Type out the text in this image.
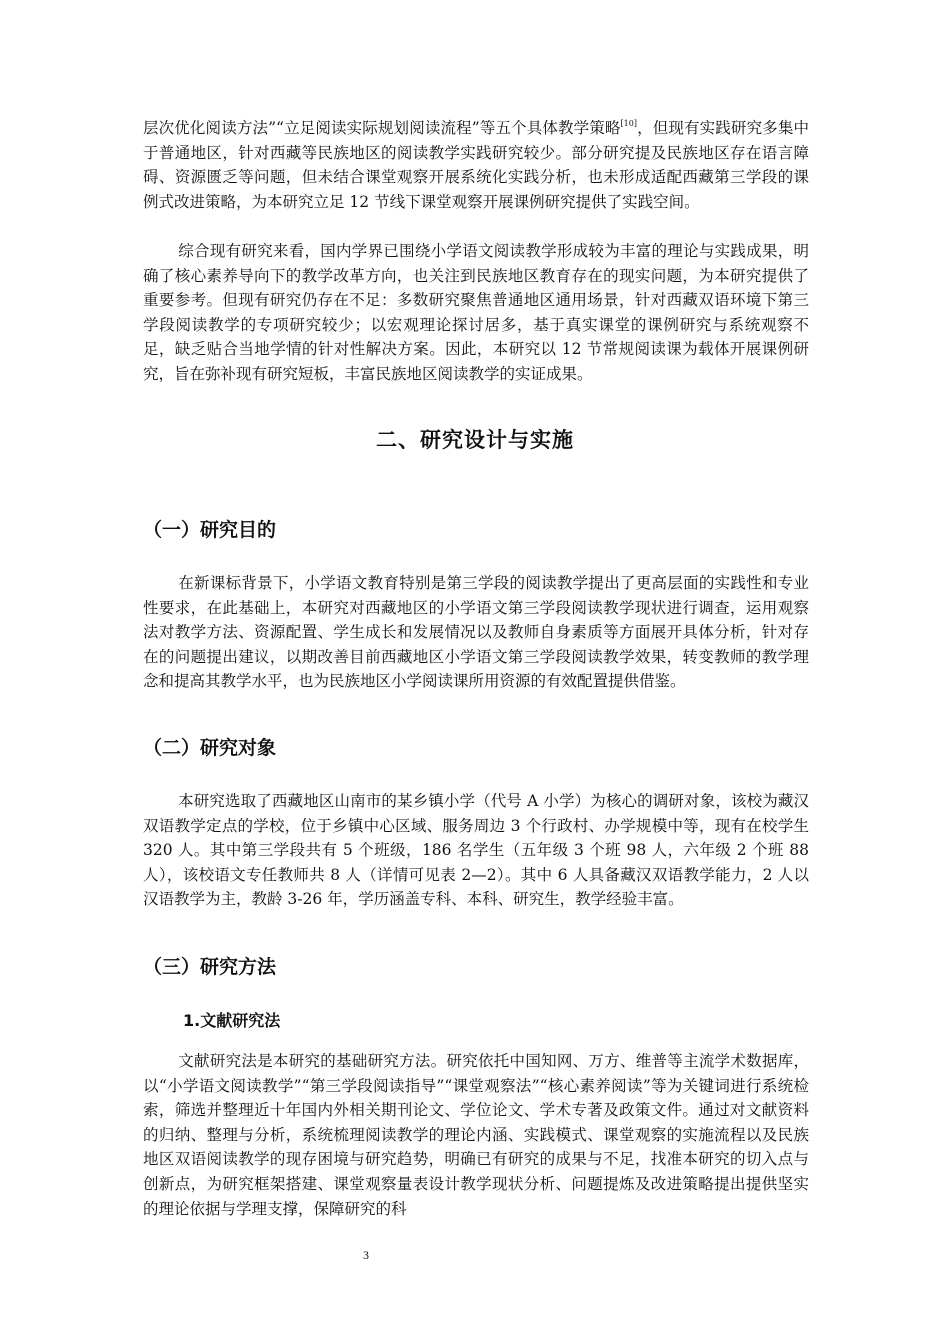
层次优化阅读方法”“立足阅读实际规划阅读流程”等五个具体教学策略[10]，但现有实践研究多集中于普通地区，针对西藏等民族地区的阅读教学实践研究较少。部分研究提及民族地区存在语言障碍、资源匮乏等问题，但未结合课堂观察开展系统化实践分析，也未形成适配西藏第三学段的课例式改进策略，为本研究立足 12 节线下课堂观察开展课例研究提供了实践空间。

综合现有研究来看，国内学界已围绕小学语文阅读教学形成较为丰富的理论与实践成果，明确了核心素养导向下的教学改革方向，也关注到民族地区教育存在的现实问题，为本研究提供了重要参考。但现有研究仍存在不足：多数研究聚焦普通地区通用场景，针对西藏双语环境下第三学段阅读教学的专项研究较少；以宏观理论探讨居多，基于真实课堂的课例研究与系统观察不足，缺乏贴合当地学情的针对性解决方案。因此，本研究以 12 节常规阅读课为载体开展课例研究，旨在弥补现有研究短板，丰富民族地区阅读教学的实证成果。

二、研究设计与实施
（一）研究目的

在新课标背景下，小学语文教育特别是第三学段的阅读教学提出了更高层面的实践性和专业性要求，在此基础上，本研究对西藏地区的小学语文第三学段阅读教学现状进行调查，运用观察法对教学方法、资源配置、学生成长和发展情况以及教师自身素质等方面展开具体分析，针对存在的问题提出建议，以期改善目前西藏地区小学语文第三学段阅读教学效果，转变教师的教学理念和提高其教学水平，也为民族地区小学阅读课所用资源的有效配置提供借鉴。

（二）研究对象

本研究选取了西藏地区山南市的某乡镇小学（代号 A 小学）为核心的调研对象，该校为藏汉双语教学定点的学校，位于乡镇中心区域、服务周边 3 个行政村、办学规模中等，现有在校学生 320 人。其中第三学段共有 5 个班级，186 名学生（五年级 3 个班 98 人，六年级 2 个班 88 人），该校语文专任教师共 8 人（详情可见表 2—2）。其中 6 人具备藏汉双语教学能力，2 人以汉语教学为主，教龄 3-26 年，学历涵盖专科、本科、研究生，教学经验丰富。

（三）研究方法
1.文献研究法

文献研究法是本研究的基础研究方法。研究依托中国知网、万方、维普等主流学术数据库，以“小学语文阅读教学”“第三学段阅读指导”“课堂观察法”“核心素养阅读”等为关键词进行系统检索，筛选并整理近十年国内外相关期刊论文、学位论文、学术专著及政策文件。通过对文献资料的归纳、整理与分析，系统梳理阅读教学的理论内涵、实践模式、课堂观察的实施流程以及民族地区双语阅读教学的现存困境与研究趋势，明确已有研究的成果与不足，找准本研究的切入点与创新点，为研究框架搭建、课堂观察量表设计教学现状分析、问题提炼及改进策略提出提供坚实的理论依据与学理支撑，保障研究的科

3
